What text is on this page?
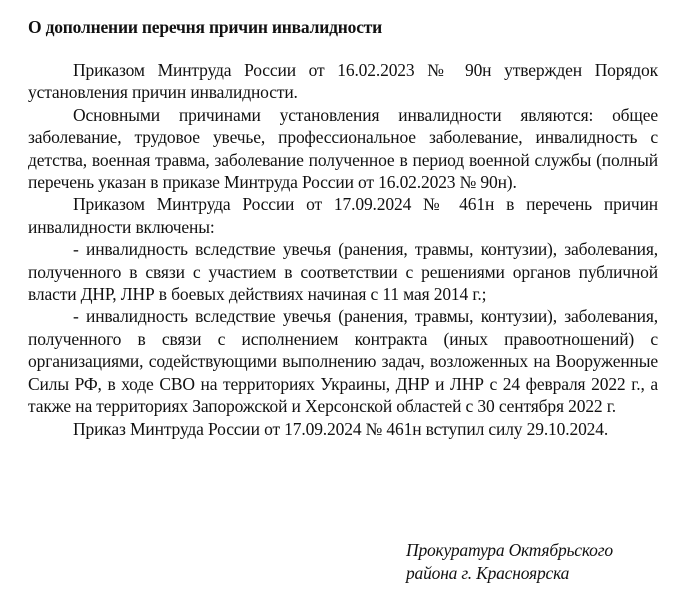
О дополнении перечня причин инвалидности

Приказом Минтруда России от 16.02.2023 № 90н утвержден Порядок установления причин инвалидности.

Основными причинами установления инвалидности являются: общее заболевание, трудовое увечье, профессиональное заболевание, инвалидность с детства, военная травма, заболевание полученное в период военной службы (полный перечень указан в приказе Минтруда России от 16.02.2023 № 90н).

Приказом Минтруда России от 17.09.2024 № 461н в перечень причин инвалидности включены:

- инвалидность вследствие увечья (ранения, травмы, контузии), заболевания, полученного в связи с участием в соответствии с решениями органов публичной власти ДНР, ЛНР в боевых действиях начиная с 11 мая 2014 г.;

- инвалидность вследствие увечья (ранения, травмы, контузии), заболевания, полученного в связи с исполнением контракта (иных правоотношений) с организациями, содействующими выполнению задач, возложенных на Вооруженные Силы РФ, в ходе СВО на территориях Украины, ДНР и ЛНР с 24 февраля 2022 г., а также на территориях Запорожской и Херсонской областей с 30 сентября 2022 г.

Приказ Минтруда России от 17.09.2024 № 461н вступил силу 29.10.2024.

Прокуратура Октябрьского
района г. Красноярска
